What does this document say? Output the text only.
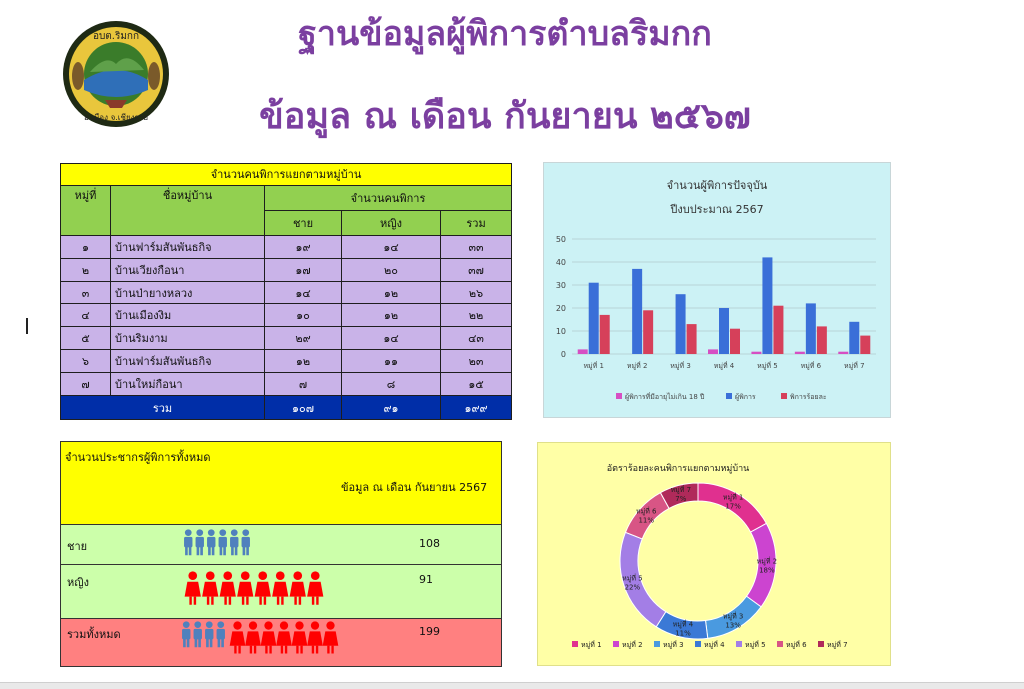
อบต.ริมกก
อ.เมือง จ.เชียงราย
ฐานข้อมูลผู้พิการตำบลริมกก
ข้อมูล ณ เดือน กันยายน ๒๕๖๗
จำนวนคนพิการแยกตามหมู่บ้าน				
หมู่ที่	ชื่อหมู่บ้าน	จำนวนคนพิการ		
		ชาย	หญิง	รวม
๑	บ้านฟาร์มสันพันธกิจ	๑๙	๑๔	๓๓
๒	บ้านเวียงกือนา	๑๗	๒๐	๓๗
๓	บ้านป่ายางหลวง	๑๔	๑๒	๒๖
๔	บ้านเมืองงิม	๑๐	๑๒	๒๒
๕	บ้านริมงาม	๒๙	๑๔	๔๓
๖	บ้านฟาร์มสันพันธกิจ	๑๒	๑๑	๒๓
๗	บ้านใหม่กือนา	๗	๘	๑๕
รวม		๑๐๗	๙๑	๑๙๙
จำนวนผู้พิการปัจจุบัน
ปีงบประมาณ 2567
0
10
20
30
40
50
หมู่ที่ 1	หมู่ที่ 2	หมู่ที่ 3	หมู่ที่ 4	หมู่ที่ 5	หมู่ที่ 6	หมู่ที่ 7
ผู้พิการที่มีอายุไม่เกิน 18 ปี	ผู้พิการ	พิการร้อยละ
จำนวนประชากรผู้พิการทั้งหมด
ข้อมูล ณ เดือน กันยายน 2567
ชาย	108
หญิง	91
รวมทั้งหมด	199
อัตราร้อยละคนพิการแยกตามหมู่บ้าน
หมู่ที่ 1
17%
หมู่ที่ 2
18%
หมู่ที่ 3
13%
หมู่ที่ 4
11%
หมู่ที่ 5
22%
หมู่ที่ 6
11%
หมู่ที่ 7
7%
หมู่ที่ 1	หมู่ที่ 2	หมู่ที่ 3	หมู่ที่ 4	หมู่ที่ 5	หมู่ที่ 6	หมู่ที่ 7
